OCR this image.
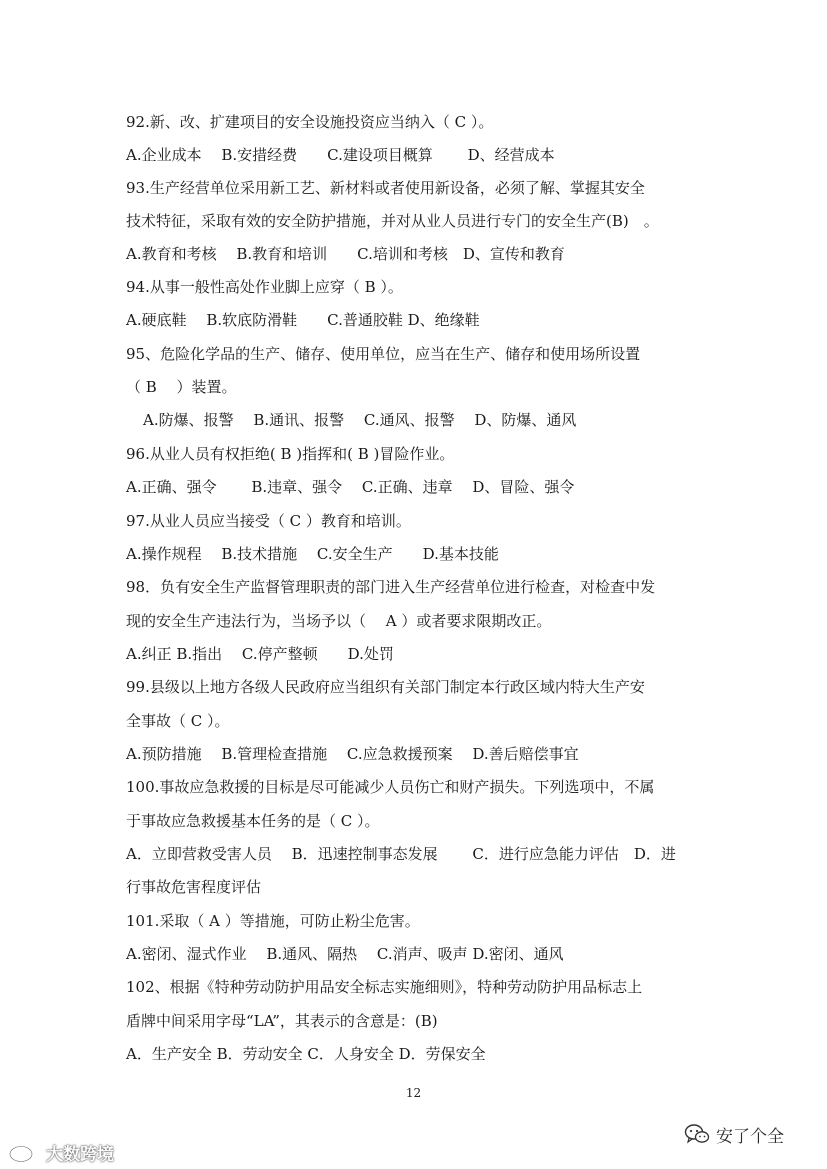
92.新、改、扩建项目的安全设施投资应当纳入（ C ）。
A.企业成本　 B.安措经费　　C.建设项目概算　　 D、经营成本
93.生产经营单位采用新工艺、新材料或者使用新设备，必须了解、掌握其安全
技术特征，采取有效的安全防护措施，并对从业人员进行专门的安全生产(B)　。
A.教育和考核　 B.教育和培训　　C.培训和考核　D、宣传和教育
94.从事一般性高处作业脚上应穿（ B ）。
A.硬底鞋　 B.软底防滑鞋　　C.普通胶鞋 D、绝缘鞋
95、危险化学品的生产、储存、使用单位，应当在生产、储存和使用场所设置
（ B　 ）装置。
A.防爆、报警　 B.通讯、报警　 C.通风、报警　 D、防爆、通风
96.从业人员有权拒绝( B )指挥和( B )冒险作业。
A.正确、强令　　 B.违章、强令　 C.正确、违章　 D、冒险、强令
97.从业人员应当接受（ C ）教育和培训。
A.操作规程　 B.技术措施　 C.安全生产　　D.基本技能
98．负有安全生产监督管理职责的部门进入生产经营单位进行检查，对检查中发
现的安全生产违法行为，当场予以（　 A ）或者要求限期改正。
A.纠正 B.指出　 C.停产整顿　　D.处罚
99.县级以上地方各级人民政府应当组织有关部门制定本行政区域内特大生产安
全事故（ C ）。
A.预防措施　 B.管理检查措施　 C.应急救援预案　 D.善后赔偿事宜
100.事故应急救援的目标是尽可能减少人员伤亡和财产损失。下列选项中，不属
于事故应急救援基本任务的是（ C ）。
A．立即营救受害人员　 B．迅速控制事态发展　　 C．进行应急能力评估　D．进
行事故危害程度评估
101.采取（ A ）等措施，可防止粉尘危害。
A.密闭、湿式作业　 B.通风、隔热　 C.消声、吸声 D.密闭、通风
102、根据《特种劳动防护用品安全标志实施细则》，特种劳动防护用品标志上
盾牌中间采用字母“LA”，其表示的含意是：(B)
A．生产安全 B．劳动安全 C．人身安全 D．劳保安全
12
大数跨境
安了个全
